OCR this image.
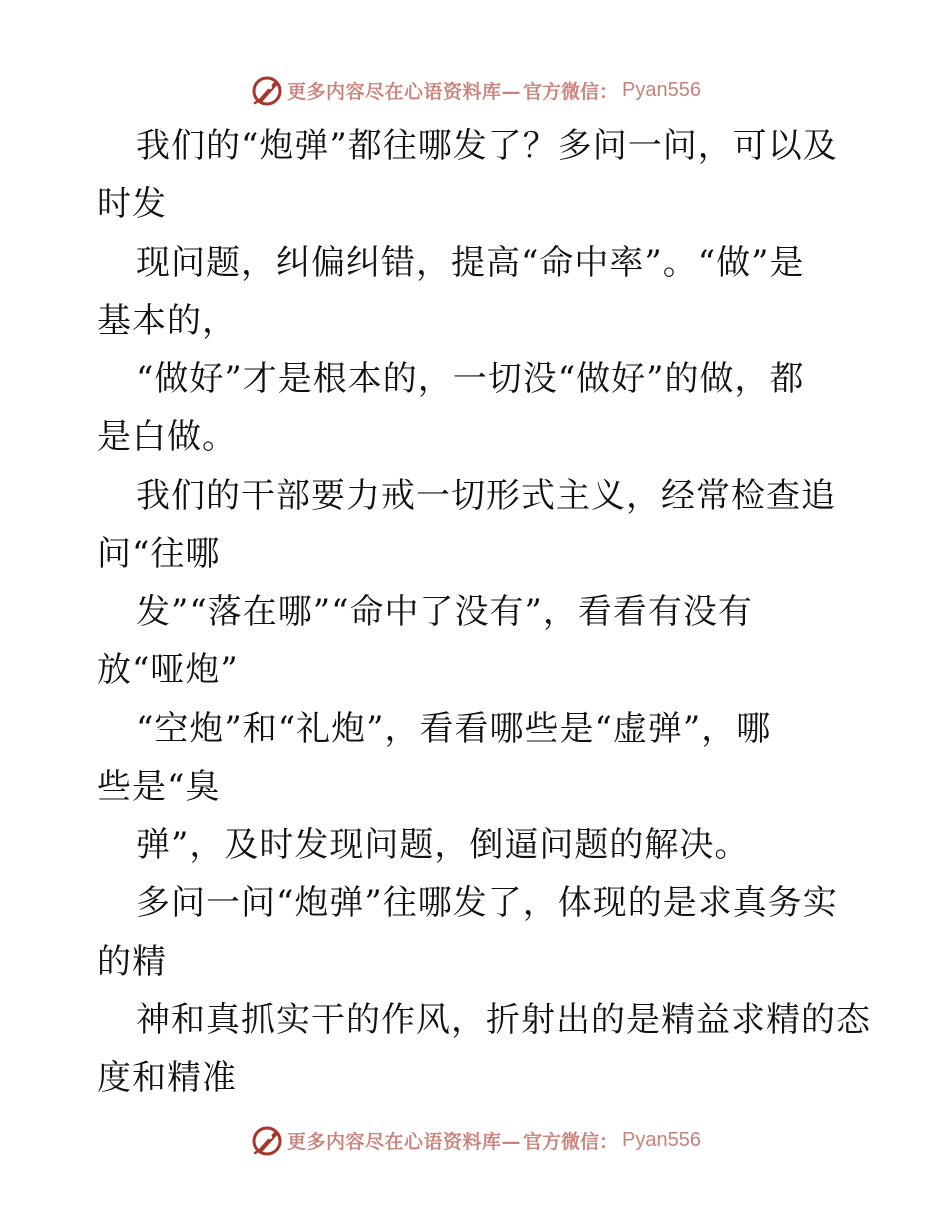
更多内容尽在心语资料库— 官方微信： Pyan556
我们的“炮弹”都往哪发了？多问一问，可以及
时发
现问题，纠偏纠错，提高“命中率”。“做”是
基本的，
“做好”才是根本的，一切没“做好”的做，都
是白做。
我们的干部要力戒一切形式主义，经常检查追
问“往哪
发”“落在哪”“命中了没有”，看看有没有
放“哑炮”
“空炮”和“礼炮”，看看哪些是“虚弹”，哪
些是“臭
弹”，及时发现问题，倒逼问题的解决。
多问一问“炮弹”往哪发了，体现的是求真务实
的精
神和真抓实干的作风，折射出的是精益求精的态
度和精准
更多内容尽在心语资料库— 官方微信： Pyan556
